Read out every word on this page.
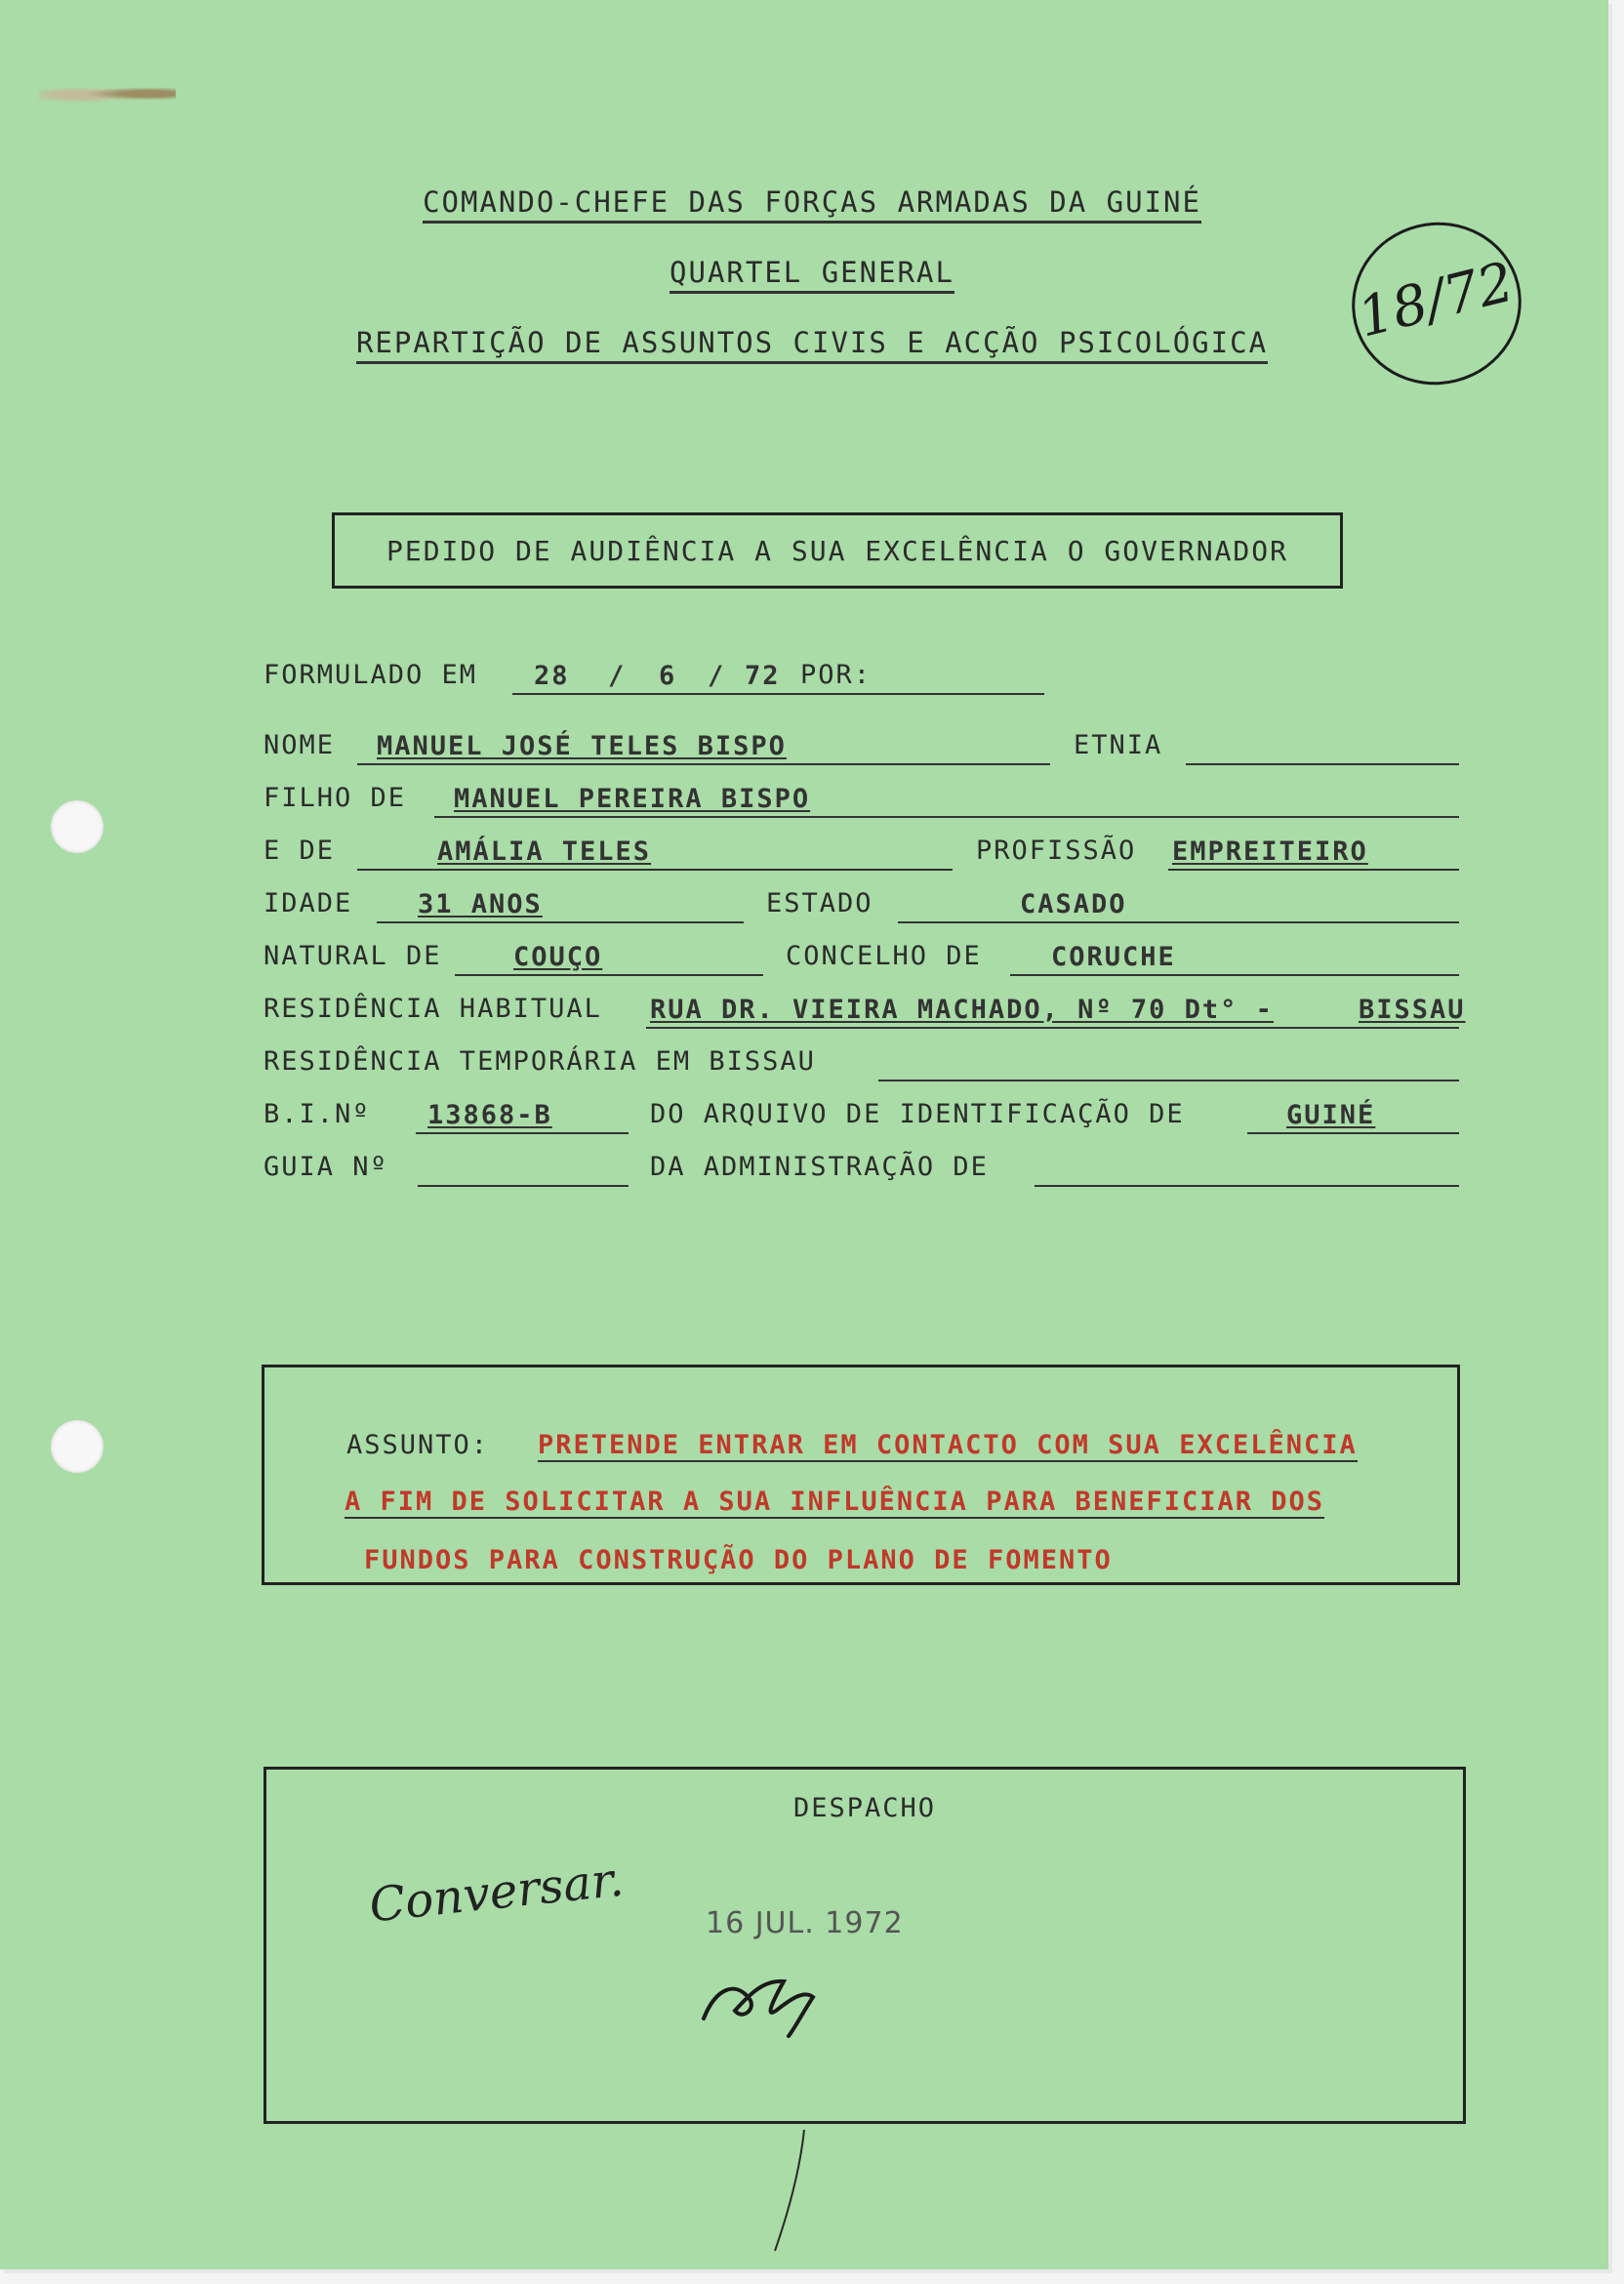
COMANDO-CHEFE DAS FORÇAS ARMADAS DA GUINÉ
QUARTEL GENERAL
REPARTIÇÃO DE ASSUNTOS CIVIS E ACÇÃO PSICOLÓGICA	18/72
PEDIDO DE AUDIÊNCIA A SUA EXCELÊNCIA O GOVERNADOR
FORMULADO EM 28 / 6 / 72 POR:
NOME MANUEL JOSÉ TELES BISPO	ETNIA
FILHO DE MANUEL PEREIRA BISPO
E DE	AMÁLIA TELES	PROFISSÃO EMPREITEIRO
IDADE 31 ANOS	ESTADO	CASADO
NATURAL DE	COUÇO	CONCELHO DE	CORUCHE
RESIDÊNCIA HABITUAL RUA DR. VIEIRA MACHADO, Nº 70 Dt° -	BISSAU
RESIDÊNCIA TEMPORÁRIA EM BISSAU
B.I.Nº 13868-B	DO ARQUIVO DE IDENTIFICAÇÃO DE	GUINÉ
GUIA Nº	DA ADMINISTRAÇÃO DE
ASSUNTO: PRETENDE ENTRAR EM CONTACTO COM SUA EXCELÊNCIA
A FIM DE SOLICITAR A SUA INFLUÊNCIA PARA BENEFICIAR DOS
FUNDOS PARA CONSTRUÇÃO DO PLANO DE FOMENTO
DESPACHO
Conversar.	16 JUL. 1972
